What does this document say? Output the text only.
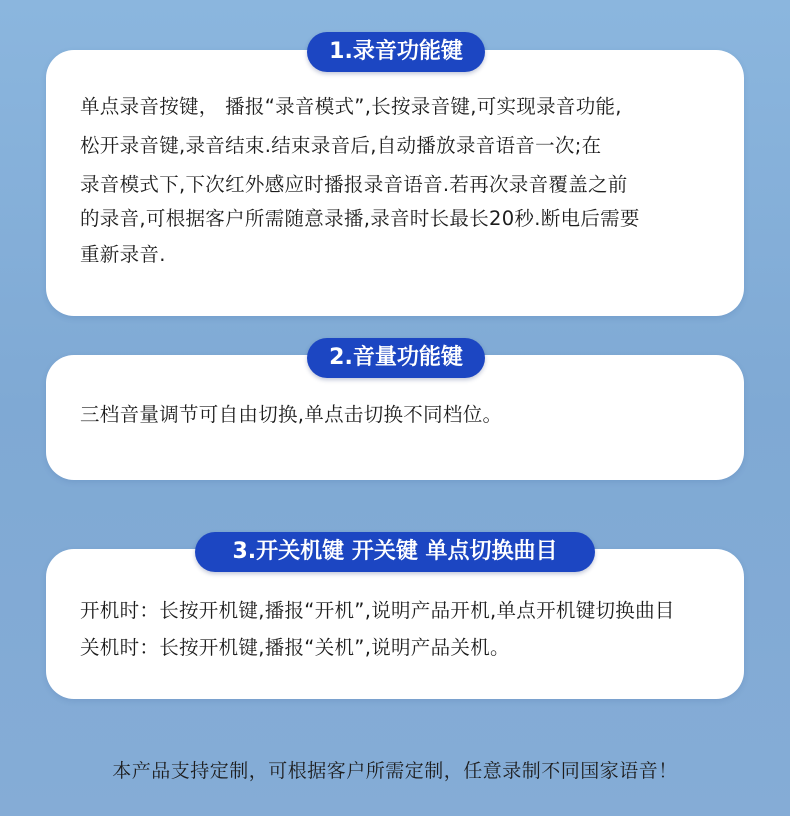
1.录音功能键
单点录音按键， 播报“录音模式”,长按录音键,可实现录音功能,
松开录音键,录音结束.结束录音后,自动播放录音语音一次;在
录音模式下,下次红外感应时播报录音语音.若再次录音覆盖之前
的录音,可根据客户所需随意录播,录音时长最长20秒.断电后需要
重新录音.
2.音量功能键
三档音量调节可自由切换,单点击切换不同档位。
3.开关机键 开关键 单点切换曲目
开机时：长按开机键,播报“开机”,说明产品开机,单点开机键切换曲目
关机时：长按开机键,播报“关机”,说明产品关机。
本产品支持定制，可根据客户所需定制，任意录制不同国家语音！
